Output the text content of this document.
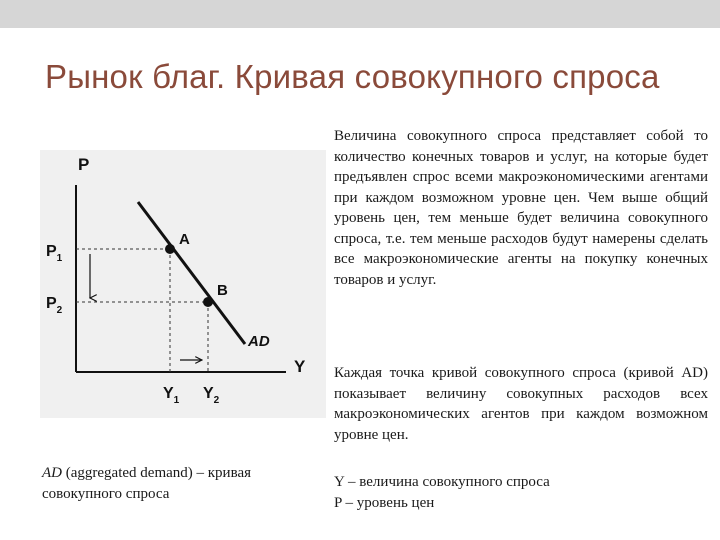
Рынок благ. Кривая совокупного спроса
P
Y
$P_1$
$P_2$
$Y_1$ $Y_2$
A
B
AD

Величина совокупного спроса представляет собой то количество конечных товаров и услуг, на которые будет предъявлен спрос всеми макроэкономическими агентами при каждом возможном уровне цен. Чем выше общий уровень цен, тем меньше будет величина совокупного спроса, т.е. тем меньше расходов будут намерены сделать все макроэкономические агенты на покупку конечных товаров и услуг.

Каждая точка кривой совокупного спроса (кривой AD) показывает величину совокупных расходов всех макроэкономических агентов при каждом возможном уровне цен.

AD (aggregated demand) – кривая совокупного спроса

Y – величина совокупного спроса
P – уровень цен
